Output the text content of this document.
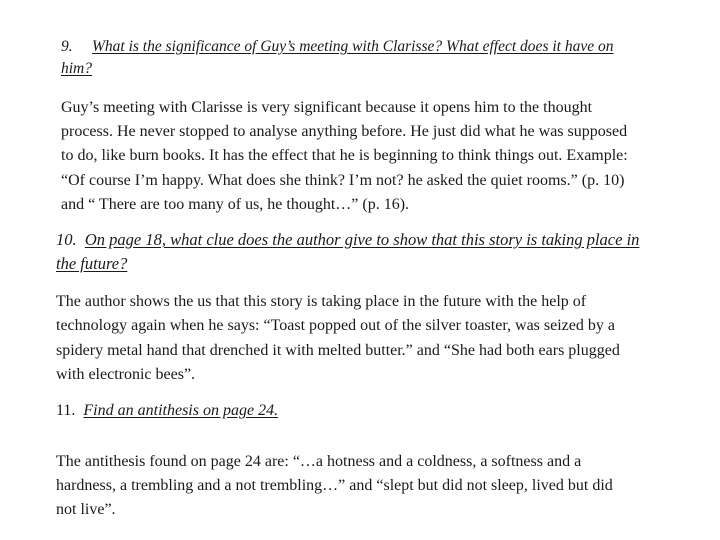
9. What is the significance of Guy’s meeting with Clarisse? What effect does it have on
him?
Guy’s meeting with Clarisse is very significant because it opens him to the thought
process. He never stopped to analyse anything before. He just did what he was supposed
to do, like burn books. It has the effect that he is beginning to think things out. Example:
“Of course I’m happy. What does she think? I’m not? he asked the quiet rooms.” (p. 10)
and “ There are too many of us, he thought…” (p. 16).
10. On page 18, what clue does the author give to show that this story is taking place in
the future?
The author shows the us that this story is taking place in the future with the help of
technology again when he says: “Toast popped out of the silver toaster, was seized by a
spidery metal hand that drenched it with melted butter.” and “She had both ears plugged
with electronic bees”.
11. Find an antithesis on page 24.
The antithesis found on page 24 are: “…a hotness and a coldness, a softness and a
hardness, a trembling and a not trembling…” and “slept but did not sleep, lived but did
not live”.
